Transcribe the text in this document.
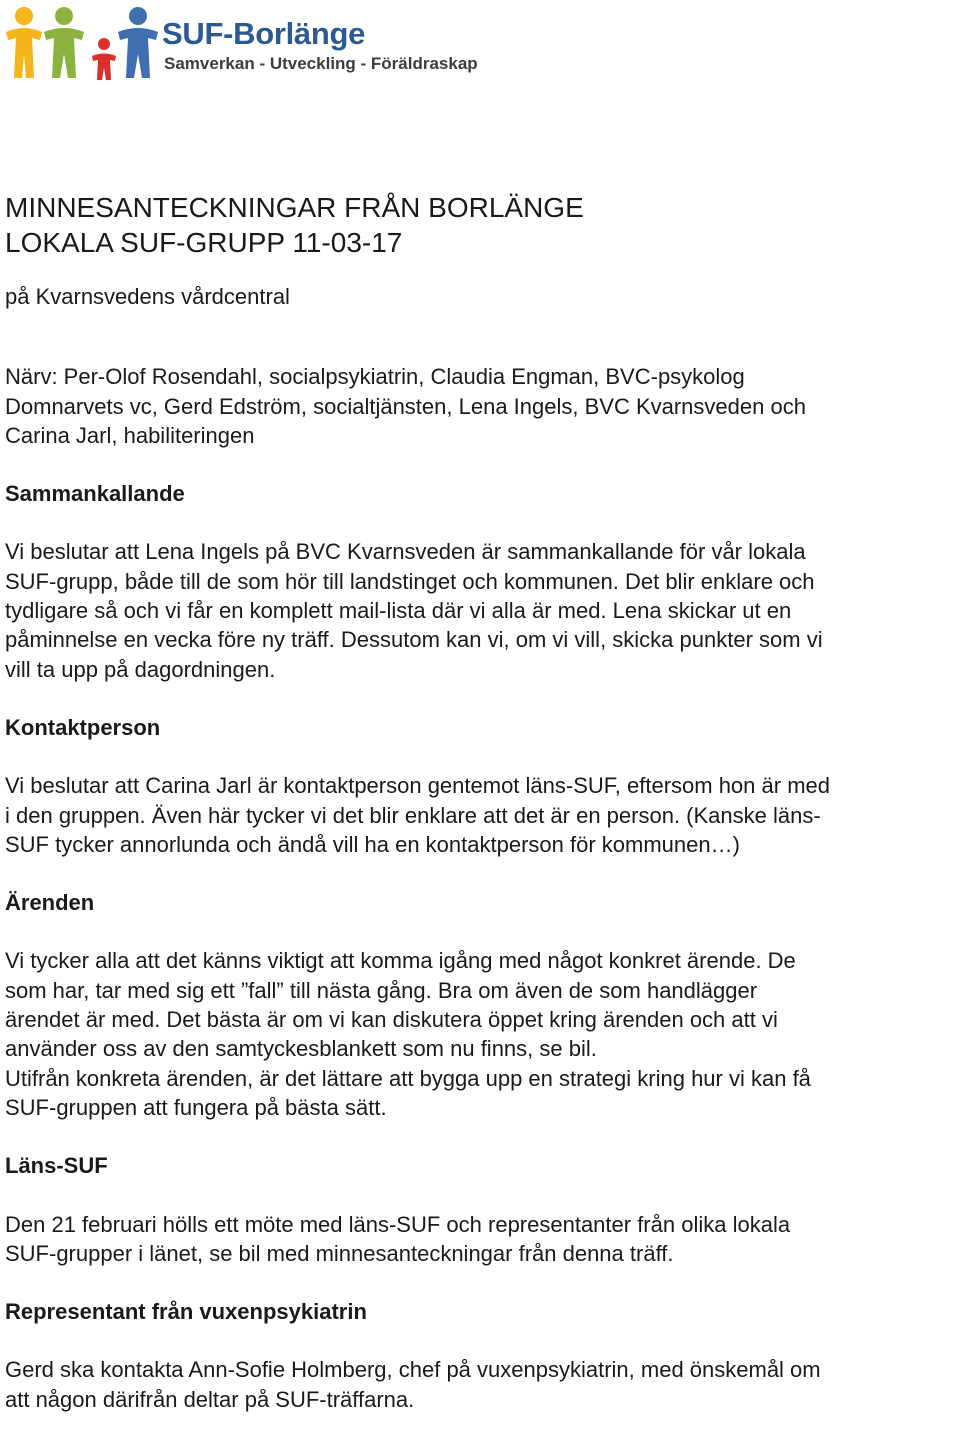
SUF-Borlänge
Samverkan - Utveckling - Föräldraskap
MINNESANTECKNINGAR FRÅN BORLÄNGE
LOKALA SUF-GRUPP 11-03-17

på Kvarnsvedens vårdcentral

Närv: Per-Olof Rosendahl, socialpsykiatrin, Claudia Engman, BVC-psykolog
Domnarvets vc, Gerd Edström, socialtjänsten, Lena Ingels, BVC Kvarnsveden och
Carina Jarl, habiliteringen

Sammankallande

Vi beslutar att Lena Ingels på BVC Kvarnsveden är sammankallande för vår lokala
SUF-grupp, både till de som hör till landstinget och kommunen. Det blir enklare och
tydligare så och vi får en komplett mail-lista där vi alla är med. Lena skickar ut en
påminnelse en vecka före ny träff. Dessutom kan vi, om vi vill, skicka punkter som vi
vill ta upp på dagordningen.

Kontaktperson

Vi beslutar att Carina Jarl är kontaktperson gentemot läns-SUF, eftersom hon är med
i den gruppen. Även här tycker vi det blir enklare att det är en person. (Kanske läns-
SUF tycker annorlunda och ändå vill ha en kontaktperson för kommunen…)

Ärenden

Vi tycker alla att det känns viktigt att komma igång med något konkret ärende. De
som har, tar med sig ett ”fall” till nästa gång. Bra om även de som handlägger
ärendet är med. Det bästa är om vi kan diskutera öppet kring ärenden och att vi
använder oss av den samtyckesblankett som nu finns, se bil.
Utifrån konkreta ärenden, är det lättare att bygga upp en strategi kring hur vi kan få
SUF-gruppen att fungera på bästa sätt.

Läns-SUF

Den 21 februari hölls ett möte med läns-SUF och representanter från olika lokala
SUF-grupper i länet, se bil med minnesanteckningar från denna träff.

Representant från vuxenpsykiatrin

Gerd ska kontakta Ann-Sofie Holmberg, chef på vuxenpsykiatrin, med önskemål om
att någon därifrån deltar på SUF-träffarna.
